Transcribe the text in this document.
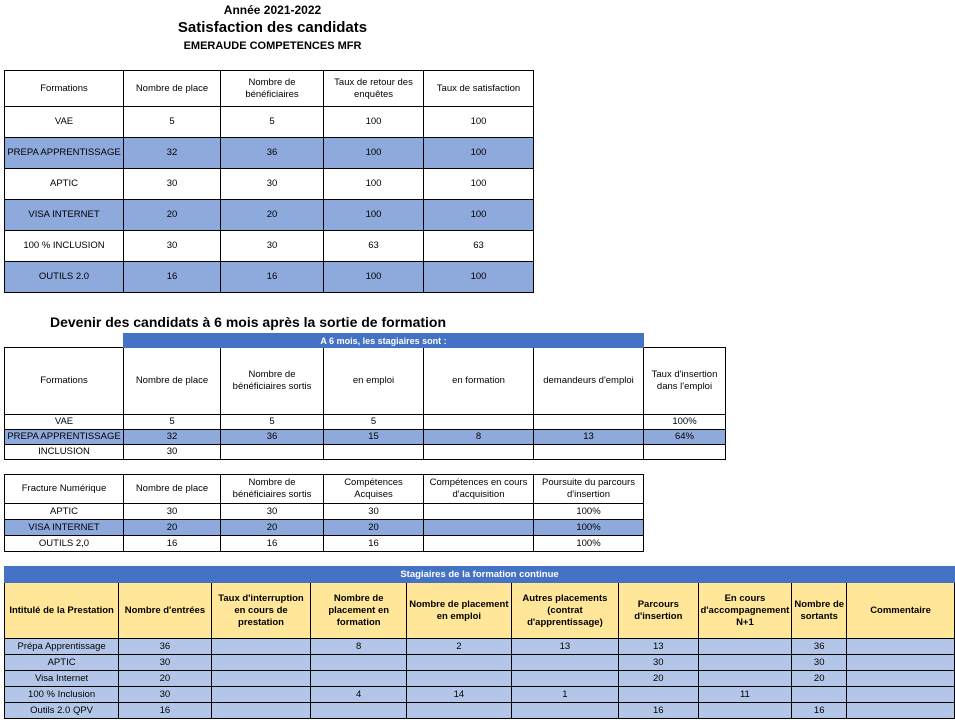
Année 2021-2022
Satisfaction des candidats
EMERAUDE COMPETENCES MFR
Formations	Nombre de place	Nombre de bénéficiaires	Taux de retour des enquêtes	Taux de satisfaction
VAE	5	5	100	100
PREPA APPRENTISSAGE	32	36	100	100
APTIC	30	30	100	100
VISA INTERNET	20	20	100	100
100 % INCLUSION	30	30	63	63
OUTILS 2.0	16	16	100	100
Devenir des candidats à 6 mois après la sortie de formation
	A 6 mois, les stagiaires sont :					
Formations	Nombre de place	Nombre de bénéficiaires sortis	en emploi	en formation	demandeurs d'emploi	Taux d'insertion dans l'emploi
VAE	5	5	5			100%
PREPA APPRENTISSAGE	32	36	15	8	13	64%
INCLUSION	30					
Fracture Numérique	Nombre de place	Nombre de bénéficiaires sortis	Compétences Acquises	Compétences en cours d'acquisition	Poursuite du parcours d'insertion
APTIC	30	30	30		100%
VISA INTERNET	20	20	20		100%
OUTILS 2,0	16	16	16		100%
Stagiaires de la formation continue									
Intitulé de la Prestation	Nombre d'entrées	Taux d'interruption en cours de prestation	Nombre de placement en formation	Nombre de placement en emploi	Autres placements (contrat d'apprentissage)	Parcours d'insertion	En cours d'accompagnement N+1	Nombre de sortants	Commentaire
Prépa Apprentissage	36		8	2	13	13		36	
APTIC	30					30		30	
Visa Internet	20					20		20	
100 % Inclusion	30		4	14	1		11		
Outils 2.0 QPV	16					16		16	
